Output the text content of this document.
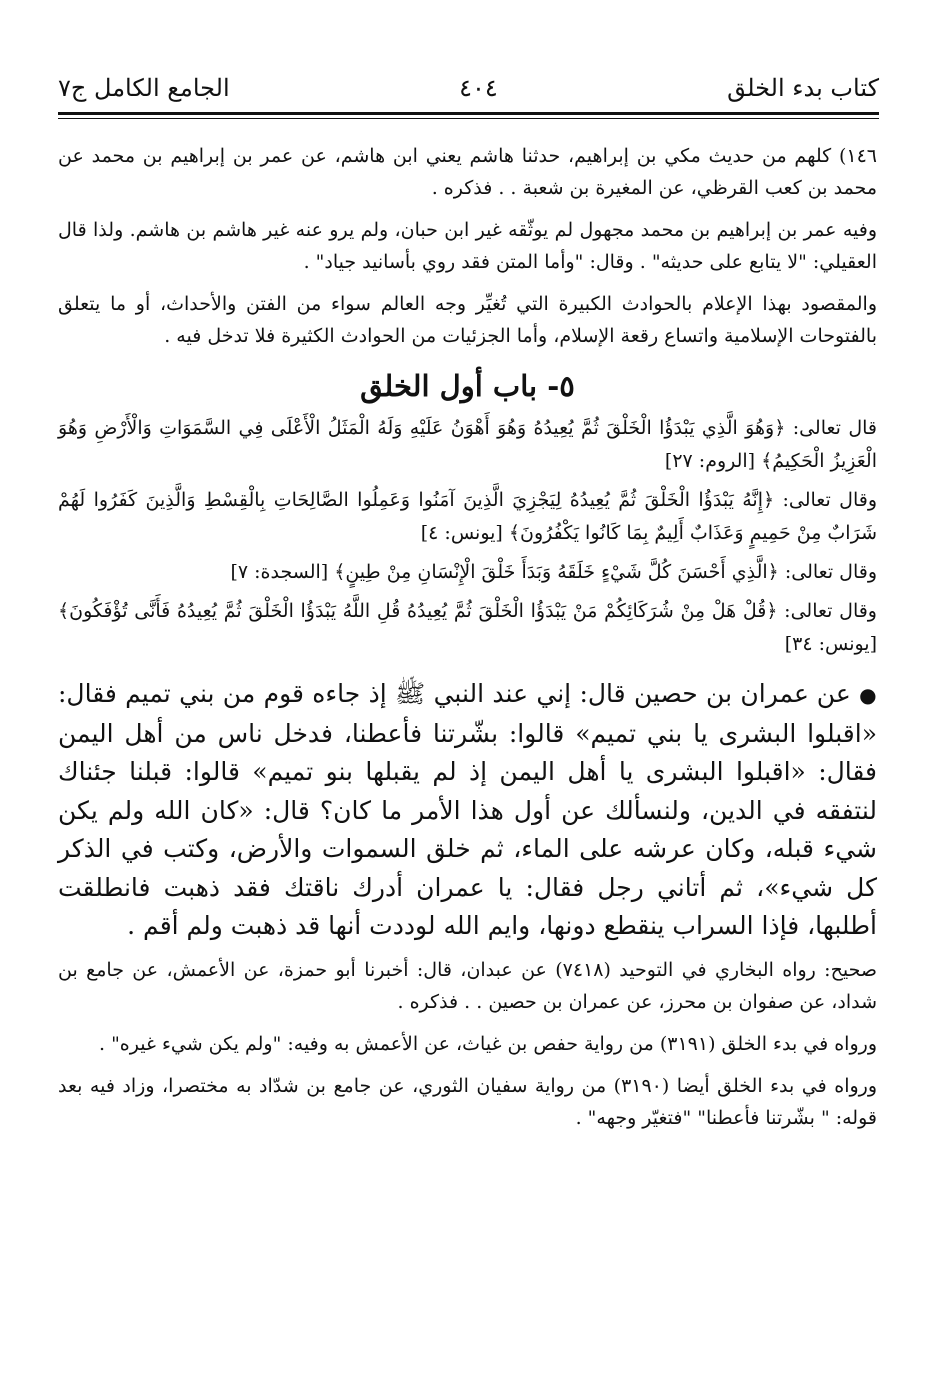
كتاب بدء الخلق
٤٠٤
الجامع الكامل ج٧

١٤٦) كلهم من حديث مكي بن إبراهيم، حدثنا هاشم يعني ابن هاشم، عن عمر بن إبراهيم بن محمد عن محمد بن كعب القرظي، عن المغيرة بن شعبة . . فذكره .

وفيه عمر بن إبراهيم بن محمد مجهول لم يوثّقه غير ابن حبان، ولم يرو عنه غير هاشم بن هاشم. ولذا قال العقيلي: "لا يتابع على حديثه" . وقال: "وأما المتن فقد روي بأسانيد جياد" .

والمقصود بهذا الإعلام بالحوادث الكبيرة التي تُغيِّر وجه العالم سواء من الفتن والأحداث، أو ما يتعلق بالفتوحات الإسلامية واتساع رقعة الإسلام، وأما الجزئيات من الحوادث الكثيرة فلا تدخل فيه .

٥- باب أول الخلق

قال تعالى: ﴿وَهُوَ الَّذِي يَبْدَؤُا الْخَلْقَ ثُمَّ يُعِيدُهُ وَهُوَ أَهْوَنُ عَلَيْهِ وَلَهُ الْمَثَلُ الْأَعْلَى فِي السَّمَوَاتِ وَالْأَرْضِ وَهُوَ الْعَزِيزُ الْحَكِيمُ﴾ [الروم: ٢٧]

وقال تعالى: ﴿إِنَّهُ يَبْدَؤُا الْخَلْقَ ثُمَّ يُعِيدُهُ لِيَجْزِيَ الَّذِينَ آمَنُوا وَعَمِلُوا الصَّالِحَاتِ بِالْقِسْطِ وَالَّذِينَ كَفَرُوا لَهُمْ شَرَابٌ مِنْ حَمِيمٍ وَعَذَابٌ أَلِيمٌ بِمَا كَانُوا يَكْفُرُونَ﴾ [يونس: ٤]

وقال تعالى: ﴿الَّذِي أَحْسَنَ كُلَّ شَيْءٍ خَلَقَهُ وَبَدَأَ خَلْقَ الْإِنْسَانِ مِنْ طِينٍ﴾ [السجدة: ٧]

وقال تعالى: ﴿قُلْ هَلْ مِنْ شُرَكَائِكُمْ مَنْ يَبْدَؤُا الْخَلْقَ ثُمَّ يُعِيدُهُ قُلِ اللَّهُ يَبْدَؤُا الْخَلْقَ ثُمَّ يُعِيدُهُ فَأَنَّى تُؤْفَكُونَ﴾ [يونس: ٣٤]

● عن عمران بن حصين قال: إني عند النبي ﷺ إذ جاءه قوم من بني تميم فقال: «اقبلوا البشرى يا بني تميم» قالوا: بشّرتنا فأعطنا، فدخل ناس من أهل اليمن فقال: «اقبلوا البشرى يا أهل اليمن إذ لم يقبلها بنو تميم» قالوا: قبلنا جئناك لنتفقه في الدين، ولنسألك عن أول هذا الأمر ما كان؟ قال: «كان الله ولم يكن شيء قبله، وكان عرشه على الماء، ثم خلق السموات والأرض، وكتب في الذكر كل شيء»، ثم أتاني رجل فقال: يا عمران أدرك ناقتك فقد ذهبت فانطلقت أطلبها، فإذا السراب ينقطع دونها، وايم الله لوددت أنها قد ذهبت ولم أقم .

صحيح: رواه البخاري في التوحيد (٧٤١٨) عن عبدان، قال: أخبرنا أبو حمزة، عن الأعمش، عن جامع بن شداد، عن صفوان بن محرز، عن عمران بن حصين . . فذكره .

ورواه في بدء الخلق (٣١٩١) من رواية حفص بن غياث، عن الأعمش به وفيه: "ولم يكن شيء غيره" .

ورواه في بدء الخلق أيضا (٣١٩٠) من رواية سفيان الثوري، عن جامع بن شدّاد به مختصرا، وزاد فيه بعد قوله: " بشّرتنا فأعطنا" "فتغيّر وجهه" .
